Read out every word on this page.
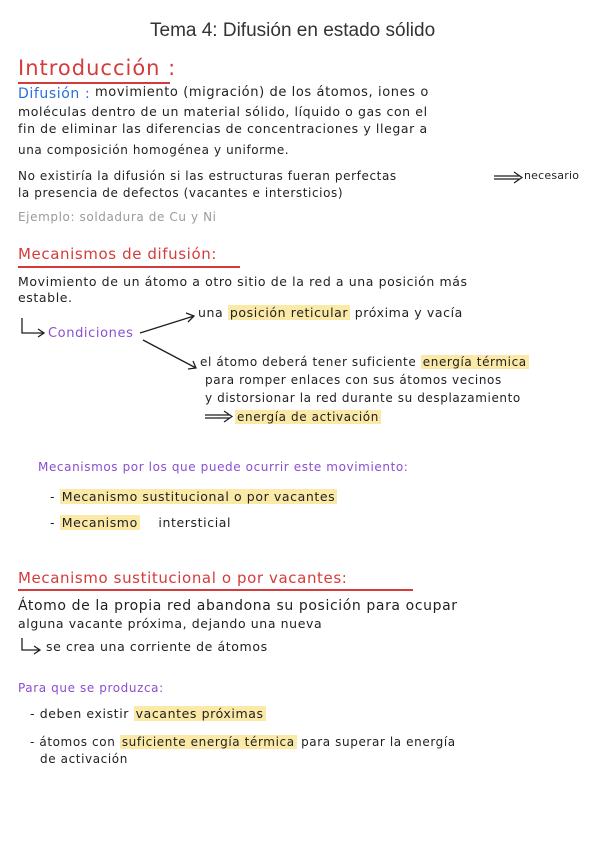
Tema 4: Difusión en estado sólido
Introducción :
Difusión : movimiento (migración) de los átomos, iones o
moléculas dentro de un material sólido, líquido o gas con el
fin de eliminar las diferencias de concentraciones y llegar a
una composición homogénea y uniforme.
No existiría la difusión si las estructuras fueran perfectas	necesario
la presencia de defectos (vacantes e intersticios)
Ejemplo: soldadura de Cu y Ni
Mecanismos de difusión:
Movimiento de un átomo a otro sitio de la red a una posición más
estable.
Condiciones
una posición reticular próxima y vacía
el átomo deberá tener suficiente energía térmica
para romper enlaces con sus átomos vecinos
y distorsionar la red durante su desplazamiento
energía de activación
Mecanismos por los que puede ocurrir este movimiento:
- Mecanismo sustitucional o por vacantes
- Mecanismo intersticial
Mecanismo sustitucional o por vacantes:
Átomo de la propia red abandona su posición para ocupar
alguna vacante próxima, dejando una nueva
se crea una corriente de átomos
Para que se produzca:
- deben existir vacantes próximas
- átomos con suficiente energía térmica para superar la energía
de activación
